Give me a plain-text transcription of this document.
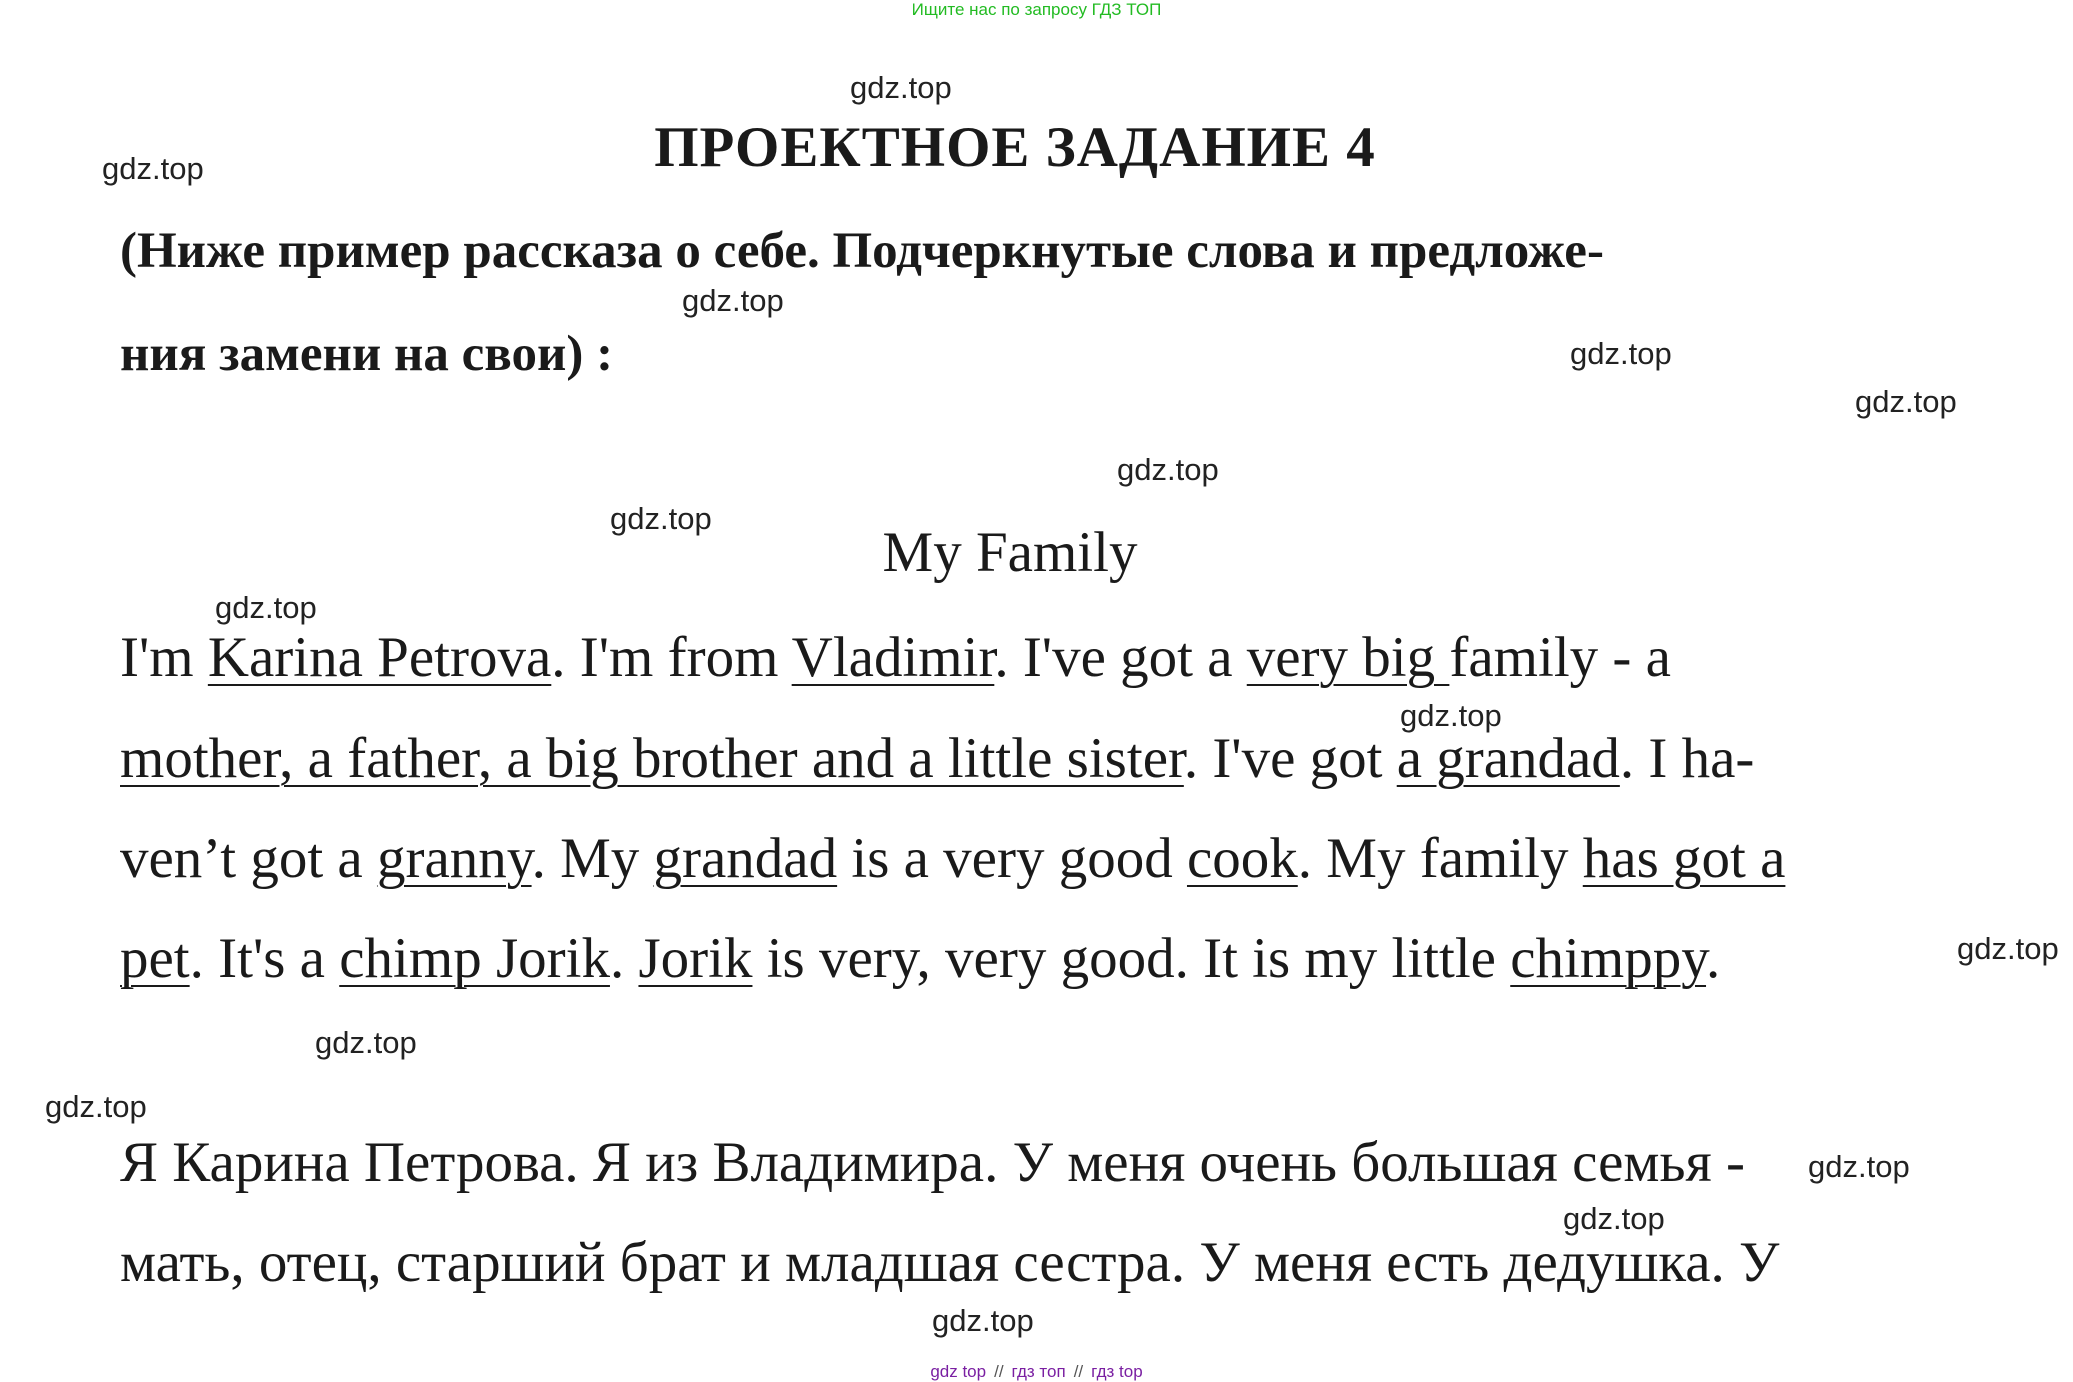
Ищите нас по запросу ГДЗ ТОП
gdz.top
gdz.top
gdz.top
gdz.top
gdz.top
gdz.top
gdz.top
gdz.top
gdz.top
gdz.top
gdz.top
gdz.top
gdz.top
gdz.top
gdz.top
ПРОЕКТНОЕ ЗАДАНИЕ 4
(Ниже пример рассказа о себе. Подчеркнутые слова и предложе-
ния замени на свои) :
My Family
I'm Karina Petrova. I'm from Vladimir. I've got a very big family - a
mother, a father, a big brother and a little sister. I've got a grandad. I ha-
ven’t got a granny. My grandad is a very good cook. My family has got a
pet. It's a chimp Jorik. Jorik is very, very good. It is my little chimppy.
Я Карина Петрова. Я из Владимира. У меня очень большая семья -
мать, отец, старший брат и младшая сестра. У меня есть дедушка. У
gdz top // гдз топ // гдз top
